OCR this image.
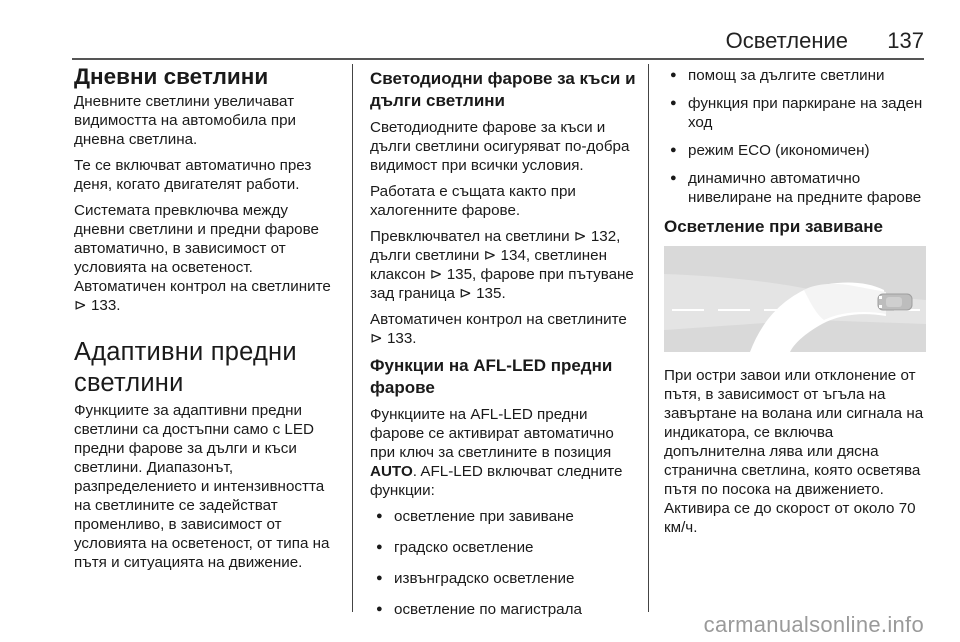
Осветление 137
Дневни светлини

Дневните светлини увеличават видимостта на автомобила при дневна светлина.

Те се включват автоматично през деня, когато двигателят работи.

Системата превключва между дневни светлини и предни фарове автоматично, в зависимост от условията на осветеност.

Автоматичен контрол на светлините ⊳ 133.

Адаптивни предни светлини

Функциите за адаптивни предни светлини са достъпни само с LED предни фарове за дълги и къси светлини. Диапазонът, разпределението и интензивността на светлините се задействат променливо, в зависимост от условията на осветеност, от типа на пътя и ситуацията на движение.

Светодиодни фарове за къси и дълги светлини

Светодиодните фарове за къси и дълги светлини осигуряват по-добра видимост при всички условия.

Работата е същата както при халогенните фарове.

Превключвател на светлини ⊳ 132, дълги светлини ⊳ 134, светлинен клаксон ⊳ 135, фарове при пътуване зад граница ⊳ 135.

Автоматичен контрол на светлините ⊳ 133.

Функции на AFL-LED предни фарове

Функциите на AFL-LED предни фарове се активират автоматично при ключ за светлините в позиция AUTO. AFL-LED включват следните функции:

● осветление при завиване
● градско осветление
● извънградско осветление
● осветление по магистрала
● помощ за дългите светлини
● функция при паркиране на заден ход
● режим ECO (икономичен)
● динамично автоматично нивелиране на предните фарове
Осветление при завиване

При остри завои или отклонение от пътя, в зависимост от ъгъла на завъртане на волана или сигнала на индикатора, се включва допълнителна лява или дясна странична светлина, която осветява пътя по посока на движението. Активира се до скорост от около 70 км/ч.

carmanualsonline.info
